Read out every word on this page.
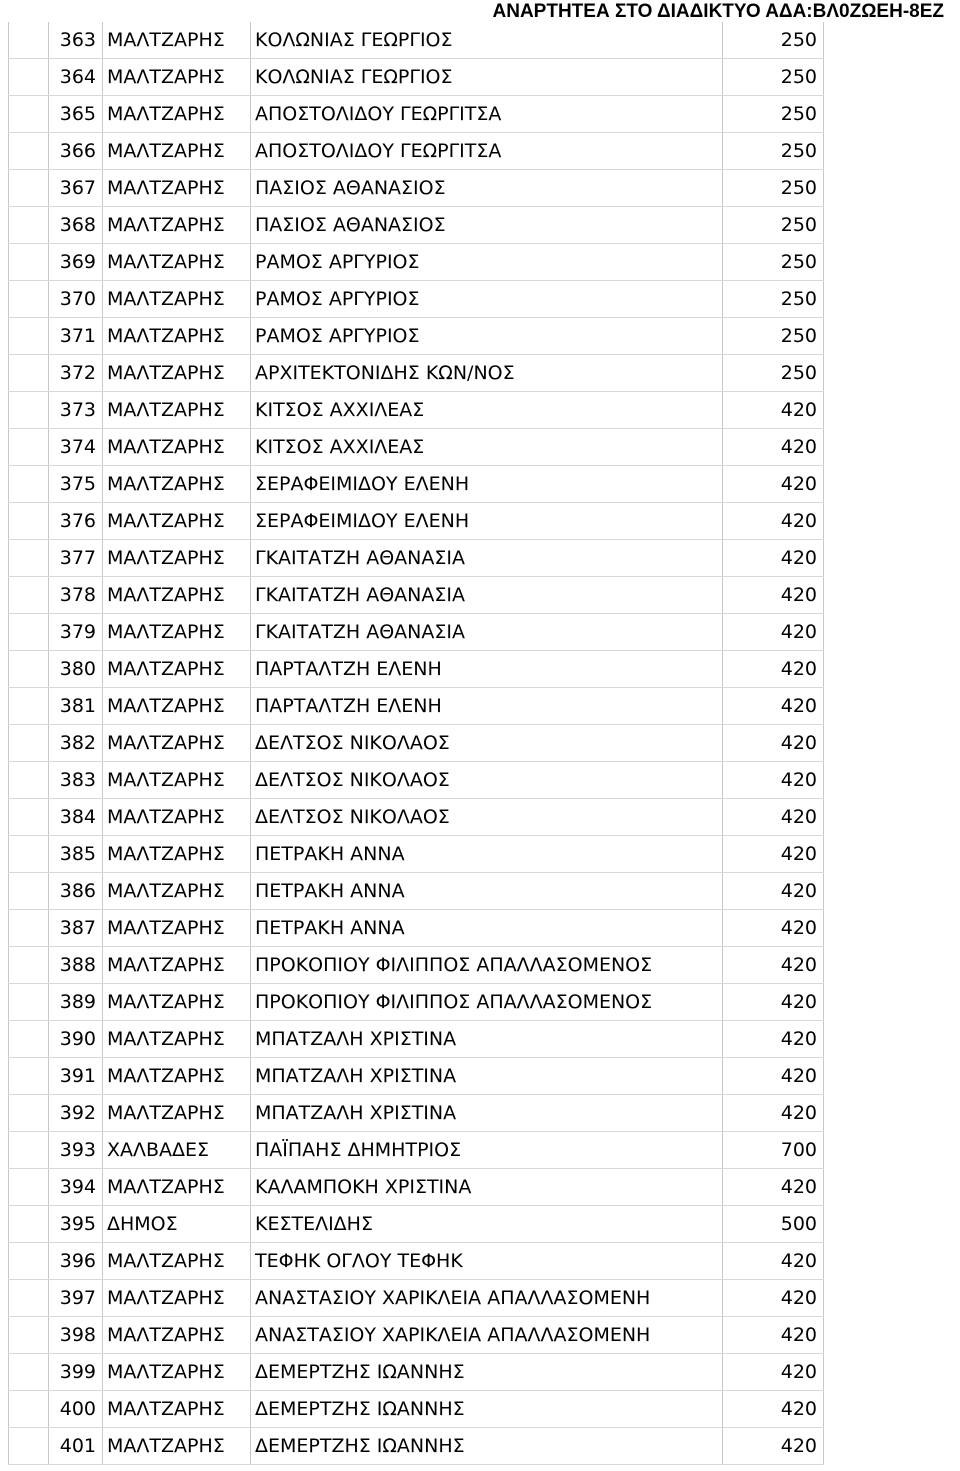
ΑΝΑΡΤΗΤΕΑ ΣΤΟ ΔΙΑΔΙΚΤΥΟ ΑΔΑ:ΒΛ0ΖΩΕΗ-8ΕΖ
	363	ΜΑΛΤΖΑΡΗΣ	ΚΟΛΩΝΙΑΣ ΓΕΩΡΓΙΟΣ	250
	364	ΜΑΛΤΖΑΡΗΣ	ΚΟΛΩΝΙΑΣ ΓΕΩΡΓΙΟΣ	250
	365	ΜΑΛΤΖΑΡΗΣ	ΑΠΟΣΤΟΛΙΔΟΥ ΓΕΩΡΓΙΤΣΑ	250
	366	ΜΑΛΤΖΑΡΗΣ	ΑΠΟΣΤΟΛΙΔΟΥ ΓΕΩΡΓΙΤΣΑ	250
	367	ΜΑΛΤΖΑΡΗΣ	ΠΑΣΙΟΣ ΑΘΑΝΑΣΙΟΣ	250
	368	ΜΑΛΤΖΑΡΗΣ	ΠΑΣΙΟΣ ΑΘΑΝΑΣΙΟΣ	250
	369	ΜΑΛΤΖΑΡΗΣ	ΡΑΜΟΣ ΑΡΓΥΡΙΟΣ	250
	370	ΜΑΛΤΖΑΡΗΣ	ΡΑΜΟΣ ΑΡΓΥΡΙΟΣ	250
	371	ΜΑΛΤΖΑΡΗΣ	ΡΑΜΟΣ ΑΡΓΥΡΙΟΣ	250
	372	ΜΑΛΤΖΑΡΗΣ	ΑΡΧΙΤΕΚΤΟΝΙΔΗΣ ΚΩΝ/ΝΟΣ	250
	373	ΜΑΛΤΖΑΡΗΣ	ΚΙΤΣΟΣ ΑΧΧΙΛΕΑΣ	420
	374	ΜΑΛΤΖΑΡΗΣ	ΚΙΤΣΟΣ ΑΧΧΙΛΕΑΣ	420
	375	ΜΑΛΤΖΑΡΗΣ	ΣΕΡΑΦΕΙΜΙΔΟΥ ΕΛΕΝΗ	420
	376	ΜΑΛΤΖΑΡΗΣ	ΣΕΡΑΦΕΙΜΙΔΟΥ ΕΛΕΝΗ	420
	377	ΜΑΛΤΖΑΡΗΣ	ΓΚΑΙΤΑΤΖΗ ΑΘΑΝΑΣΙΑ	420
	378	ΜΑΛΤΖΑΡΗΣ	ΓΚΑΙΤΑΤΖΗ ΑΘΑΝΑΣΙΑ	420
	379	ΜΑΛΤΖΑΡΗΣ	ΓΚΑΙΤΑΤΖΗ ΑΘΑΝΑΣΙΑ	420
	380	ΜΑΛΤΖΑΡΗΣ	ΠΑΡΤΑΛΤΖΗ ΕΛΕΝΗ	420
	381	ΜΑΛΤΖΑΡΗΣ	ΠΑΡΤΑΛΤΖΗ ΕΛΕΝΗ	420
	382	ΜΑΛΤΖΑΡΗΣ	ΔΕΛΤΣΟΣ ΝΙΚΟΛΑΟΣ	420
	383	ΜΑΛΤΖΑΡΗΣ	ΔΕΛΤΣΟΣ ΝΙΚΟΛΑΟΣ	420
	384	ΜΑΛΤΖΑΡΗΣ	ΔΕΛΤΣΟΣ ΝΙΚΟΛΑΟΣ	420
	385	ΜΑΛΤΖΑΡΗΣ	ΠΕΤΡΑΚΗ ΑΝΝΑ	420
	386	ΜΑΛΤΖΑΡΗΣ	ΠΕΤΡΑΚΗ ΑΝΝΑ	420
	387	ΜΑΛΤΖΑΡΗΣ	ΠΕΤΡΑΚΗ ΑΝΝΑ	420
	388	ΜΑΛΤΖΑΡΗΣ	ΠΡΟΚΟΠΙΟΥ ΦΙΛΙΠΠΟΣ ΑΠΑΛΛΑΣΟΜΕΝΟΣ	420
	389	ΜΑΛΤΖΑΡΗΣ	ΠΡΟΚΟΠΙΟΥ ΦΙΛΙΠΠΟΣ ΑΠΑΛΛΑΣΟΜΕΝΟΣ	420
	390	ΜΑΛΤΖΑΡΗΣ	ΜΠΑΤΖΑΛΗ ΧΡΙΣΤΙΝΑ	420
	391	ΜΑΛΤΖΑΡΗΣ	ΜΠΑΤΖΑΛΗ ΧΡΙΣΤΙΝΑ	420
	392	ΜΑΛΤΖΑΡΗΣ	ΜΠΑΤΖΑΛΗ ΧΡΙΣΤΙΝΑ	420
	393	ΧΑΛΒΑΔΕΣ	ΠΑΪΠΑΗΣ ΔΗΜΗΤΡΙΟΣ	700
	394	ΜΑΛΤΖΑΡΗΣ	ΚΑΛΑΜΠΟΚΗ ΧΡΙΣΤΙΝΑ	420
	395	ΔΗΜΟΣ	ΚΕΣΤΕΛΙΔΗΣ	500
	396	ΜΑΛΤΖΑΡΗΣ	ΤΕΦΗΚ ΟΓΛΟΥ ΤΕΦΗΚ	420
	397	ΜΑΛΤΖΑΡΗΣ	ΑΝΑΣΤΑΣΙΟΥ ΧΑΡΙΚΛΕΙΑ ΑΠΑΛΛΑΣΟΜΕΝΗ	420
	398	ΜΑΛΤΖΑΡΗΣ	ΑΝΑΣΤΑΣΙΟΥ ΧΑΡΙΚΛΕΙΑ ΑΠΑΛΛΑΣΟΜΕΝΗ	420
	399	ΜΑΛΤΖΑΡΗΣ	ΔΕΜΕΡΤΖΗΣ ΙΩΑΝΝΗΣ	420
	400	ΜΑΛΤΖΑΡΗΣ	ΔΕΜΕΡΤΖΗΣ ΙΩΑΝΝΗΣ	420
	401	ΜΑΛΤΖΑΡΗΣ	ΔΕΜΕΡΤΖΗΣ ΙΩΑΝΝΗΣ	420
